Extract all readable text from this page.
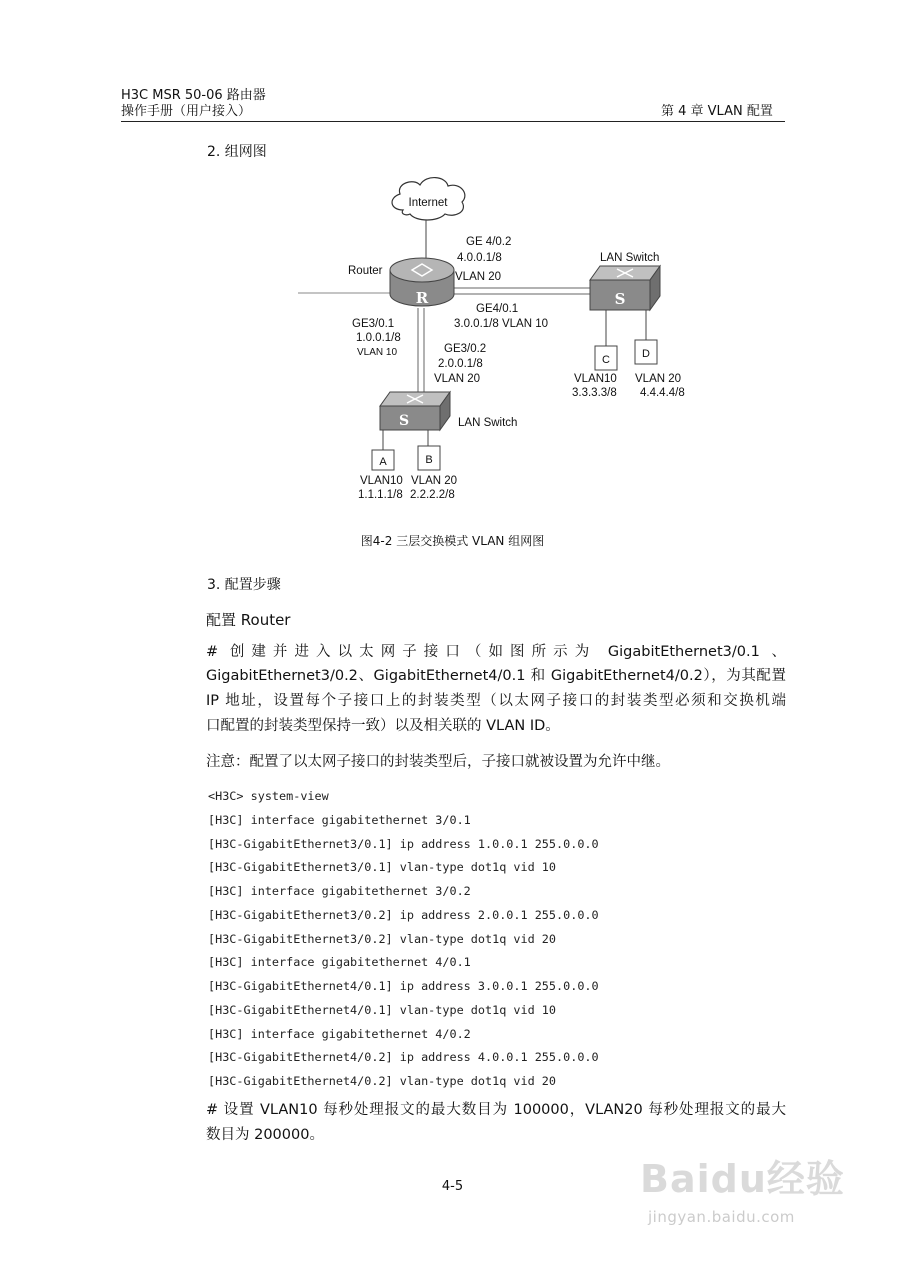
H3C MSR 50-06 路由器
操作手册（用户接入）	第 4 章 VLAN 配置
2. 组网图
Internet
R
Router
S
LAN Switch
S	LAN Switch
C	D
VLAN10
3.3.3.3/8
VLAN 20
4.4.4.4/8
A	B
VLAN10
1.1.1.1/8
VLAN 20
2.2.2.2/8
GE 4/0.2
4.0.0.1/8
VLAN 20
GE4/0.1
3.0.0.1/8 VLAN 10
GE3/0.1
1.0.0.1/8
VLAN 10	GE3/0.2
2.0.0.1/8
VLAN 20
图4-2 三层交换模式 VLAN 组网图
3. 配置步骤
配置 Router
# 创建并进入以太网子接口（如图所示为 GigabitEthernet3/0.1 、
GigabitEthernet3/0.2、GigabitEthernet4/0.1 和 GigabitEthernet4/0.2），为其配置
IP 地址，设置每个子接口上的封装类型（以太网子接口的封装类型必须和交换机端
口配置的封装类型保持一致）以及相关联的 VLAN ID。
注意：配置了以太网子接口的封装类型后，子接口就被设置为允许中继。
<H3C> system-view
[H3C] interface gigabitethernet 3/0.1
[H3C-GigabitEthernet3/0.1] ip address 1.0.0.1 255.0.0.0
[H3C-GigabitEthernet3/0.1] vlan-type dot1q vid 10
[H3C] interface gigabitethernet 3/0.2
[H3C-GigabitEthernet3/0.2] ip address 2.0.0.1 255.0.0.0
[H3C-GigabitEthernet3/0.2] vlan-type dot1q vid 20
[H3C] interface gigabitethernet 4/0.1
[H3C-GigabitEthernet4/0.1] ip address 3.0.0.1 255.0.0.0
[H3C-GigabitEthernet4/0.1] vlan-type dot1q vid 10
[H3C] interface gigabitethernet 4/0.2
[H3C-GigabitEthernet4/0.2] ip address 4.0.0.1 255.0.0.0
[H3C-GigabitEthernet4/0.2] vlan-type dot1q vid 20
# 设置 VLAN10 每秒处理报文的最大数目为 100000，VLAN20 每秒处理报文的最大
数目为 200000。
4-5	Baidu经验
jingyan.baidu.com
